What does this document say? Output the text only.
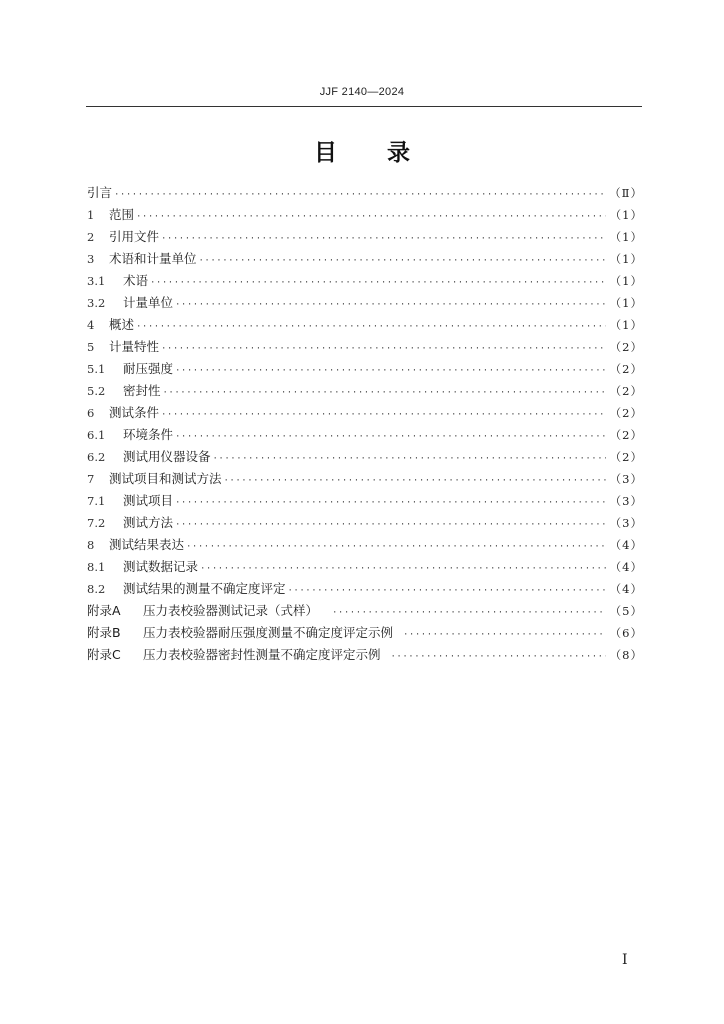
JJF 2140—2024
目 录
引言 ·····	（Ⅱ）
1	范围 ·····	（1）
2	引用文件 ·····	（1）
3	术语和计量单位 ·····	（1）
3.1	术语 ·····	（1）
3.2	计量单位 ·····	（1）
4	概述 ·····	（1）
5	计量特性 ·····	（2）
5.1	耐压强度 ·····	（2）
5.2	密封性 ·····	（2）
6	测试条件 ·····	（2）
6.1	环境条件 ·····	（2）
6.2	测试用仪器设备 ·····	（2）
7	测试项目和测试方法 ·····	（3）
7.1	测试项目 ·····	（3）
7.2	测试方法 ·····	（3）
8	测试结果表达 ·····	（4）
8.1	测试数据记录 ·····	（4）
8.2	测试结果的测量不确定度评定 ·····	（4）
附录A	压力表校验器测试记录（式样） ·····	（5）
附录B	压力表校验器耐压强度测量不确定度评定示例 ·····	（6）
附录C	压力表校验器密封性测量不确定度评定示例 ·····	（8）
I
